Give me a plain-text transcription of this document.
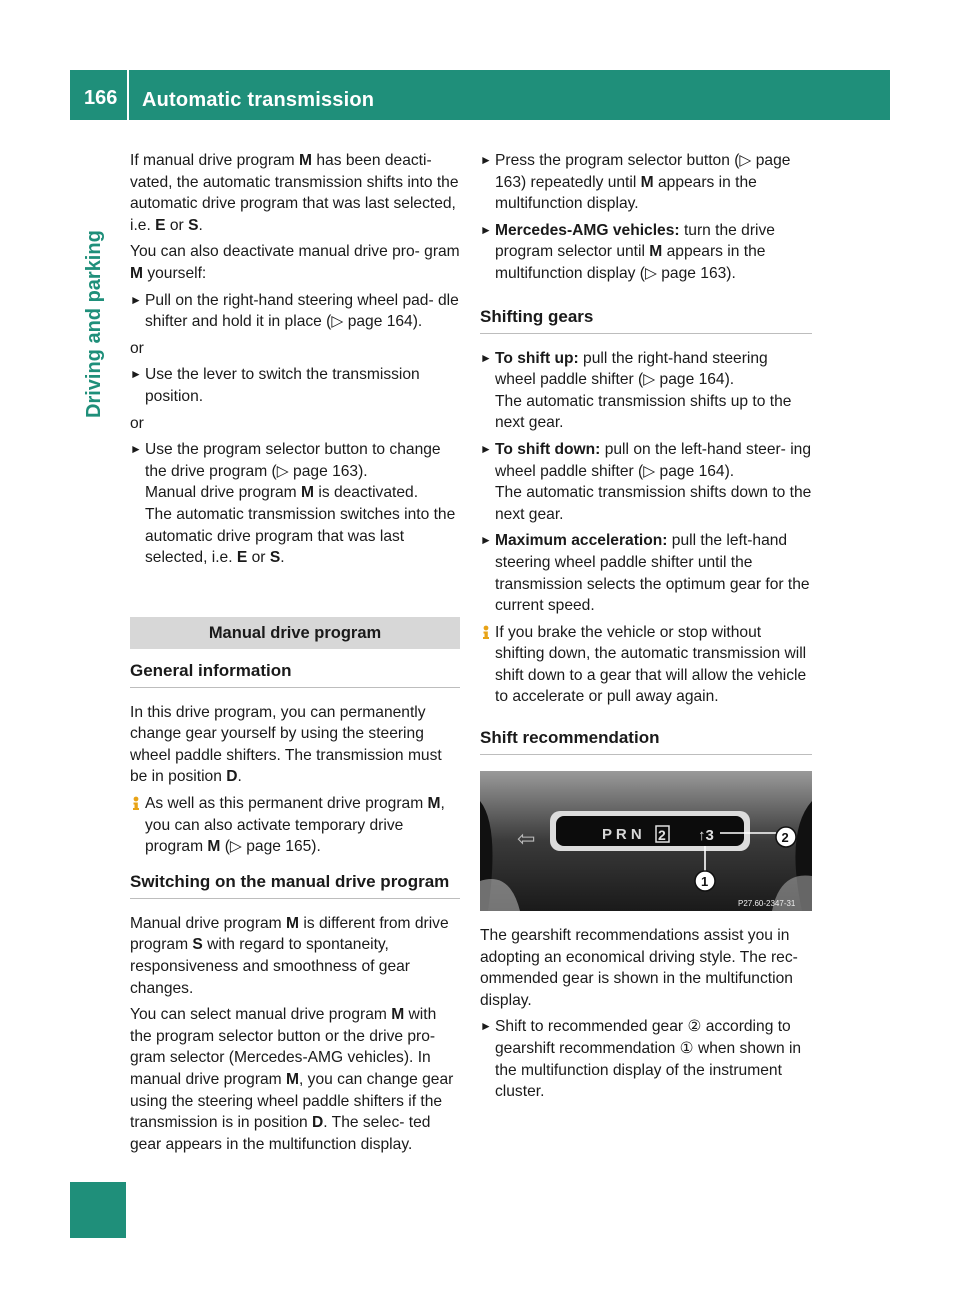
166 Automatic transmission
Driving and parking

If manual drive program M has been deacti- vated, the automatic transmission shifts into the automatic drive program that was last selected, i.e. E or S.

You can also deactivate manual drive pro- gram M yourself:

► Pull on the right-hand steering wheel pad- dle shifter and hold it in place (▷ page 164).

or

► Use the lever to switch the transmission position.

or

► Use the program selector button to change the drive program (▷ page 163).
Manual drive program M is deactivated.
The automatic transmission switches into the automatic drive program that was last selected, i.e. E or S.
Manual drive program
General information

In this drive program, you can permanently change gear yourself by using the steering wheel paddle shifters. The transmission must be in position D.

As well as this permanent drive program M, you can also activate temporary drive program M (▷ page 165).
Switching on the manual drive program

Manual drive program M is different from drive program S with regard to spontaneity, responsiveness and smoothness of gear changes.

You can select manual drive program M with the program selector button or the drive pro- gram selector (Mercedes-AMG vehicles). In manual drive program M, you can change gear using the steering wheel paddle shifters if the transmission is in position D. The selec- ted gear appears in the multifunction display.

► Press the program selector button (▷ page 163) repeatedly until M appears in the multifunction display.
► Mercedes-AMG vehicles: turn the drive program selector until M appears in the multifunction display (▷ page 163).
Shifting gears
► To shift up: pull the right-hand steering wheel paddle shifter (▷ page 164).
The automatic transmission shifts up to the next gear.
► To shift down: pull on the left-hand steer- ing wheel paddle shifter (▷ page 164).
The automatic transmission shifts down to the next gear.
► Maximum acceleration: pull the left-hand steering wheel paddle shifter until the transmission selects the optimum gear for the current speed.
If you brake the vehicle or stop without shifting down, the automatic transmission will shift down to a gear that will allow the vehicle to accelerate or pull away again.
Shift recommendation
⇦	P R N 2 ↑3	2
1
P27.60-2347-31

The gearshift recommendations assist you in adopting an economical driving style. The rec- ommended gear is shown in the multifunction display.

► Shift to recommended gear ② according to gearshift recommendation ① when shown in the multifunction display of the instrument cluster.
carmanualsonline.info
